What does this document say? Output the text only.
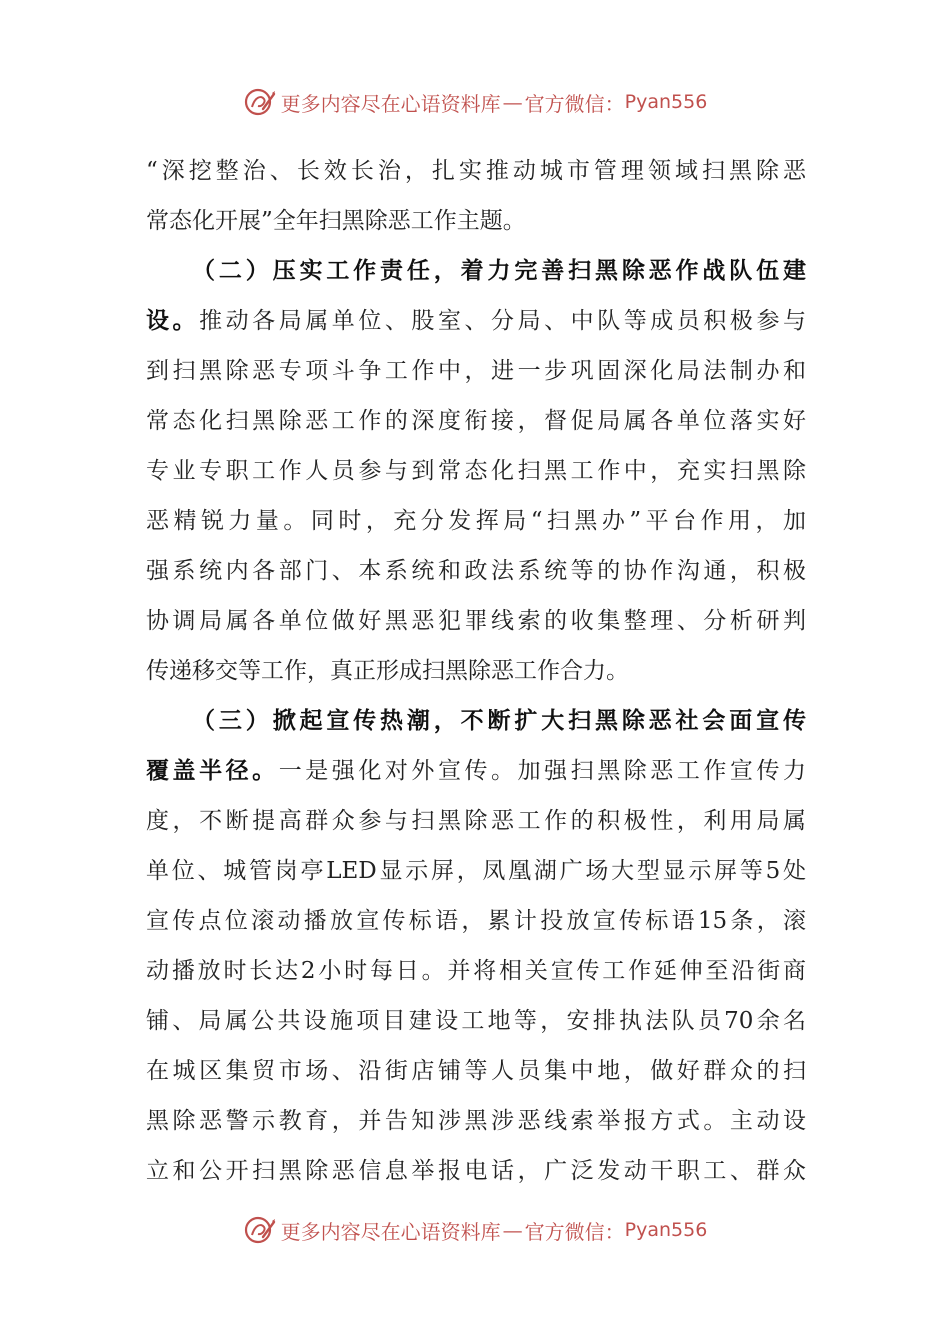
更多内容尽在心语资料库 — 官方微信： Pyan556
“深挖整治、长效长治，扎实推动城市管理领域扫黑除恶
常态化开展”全年扫黑除恶工作主题。
（二）压实工作责任，着力完善扫黑除恶作战队伍建
设。推动各局属单位、股室、分局、中队等成员积极参与
到扫黑除恶专项斗争工作中，进一步巩固深化局法制办和
常态化扫黑除恶工作的深度衔接，督促局属各单位落实好
专业专职工作人员参与到常态化扫黑工作中，充实扫黑除
恶精锐力量。同时，充分发挥局“扫黑办”平台作用，加
强系统内各部门、本系统和政法系统等的协作沟通，积极
协调局属各单位做好黑恶犯罪线索的收集整理、分析研判
传递移交等工作，真正形成扫黑除恶工作合力。
（三）掀起宣传热潮，不断扩大扫黑除恶社会面宣传
覆盖半径。一是强化对外宣传。加强扫黑除恶工作宣传力
度，不断提高群众参与扫黑除恶工作的积极性，利用局属
单位、城管岗亭LED显示屏，凤凰湖广场大型显示屏等5处
宣传点位滚动播放宣传标语，累计投放宣传标语15条，滚
动播放时长达2小时每日。并将相关宣传工作延伸至沿街商
铺、局属公共设施项目建设工地等，安排执法队员70余名
在城区集贸市场、沿街店铺等人员集中地，做好群众的扫
黑除恶警示教育，并告知涉黑涉恶线索举报方式。主动设
立和公开扫黑除恶信息举报电话，广泛发动干职工、群众
更多内容尽在心语资料库 — 官方微信： Pyan556
